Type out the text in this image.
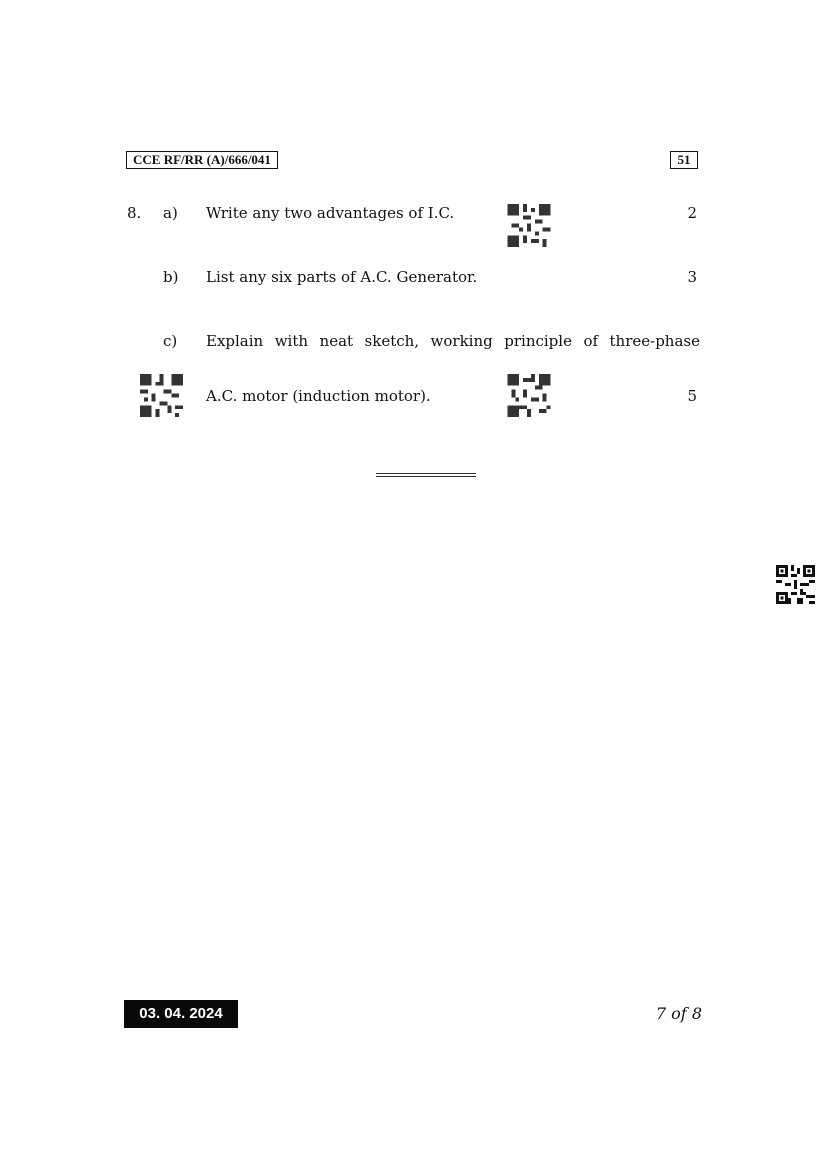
CCE RF/RR (A)/666/041	51
8. a) Write any two advantages of I.C.	2
b) List any six parts of A.C. Generator.	3
c) Explain with neat sketch, working principle of three-phase
A.C. motor (induction motor).	5
03. 04. 2024	7 of 8
